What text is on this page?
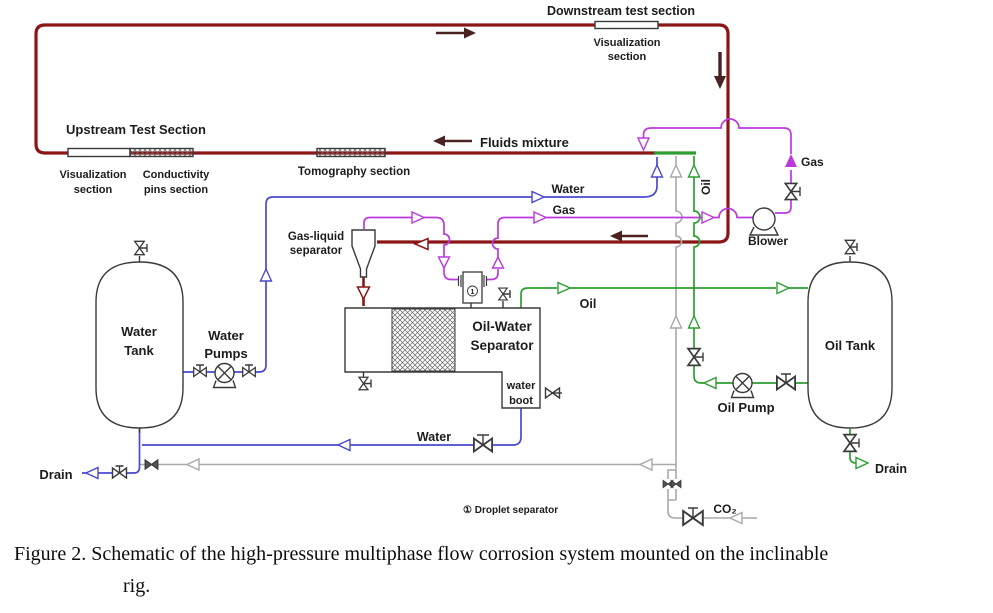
Downstream test section
Visualization
section
Upstream Test Section
Visualization
section
Conductivity
pins section
Tomography section
Fluids mixture
Water
Gas
Oil
Gas
Blower
Gas-liquid
separator
Oil-Water
Separator
water
boot
Water
Tank
Water
Pumps
Oil Tank
Oil Pump
Oil
Water
Drain	Drain
CO₂
① Droplet separator
1
Figure 2. Schematic of the high-pressure multiphase flow corrosion system mounted on the inclinable
rig.
